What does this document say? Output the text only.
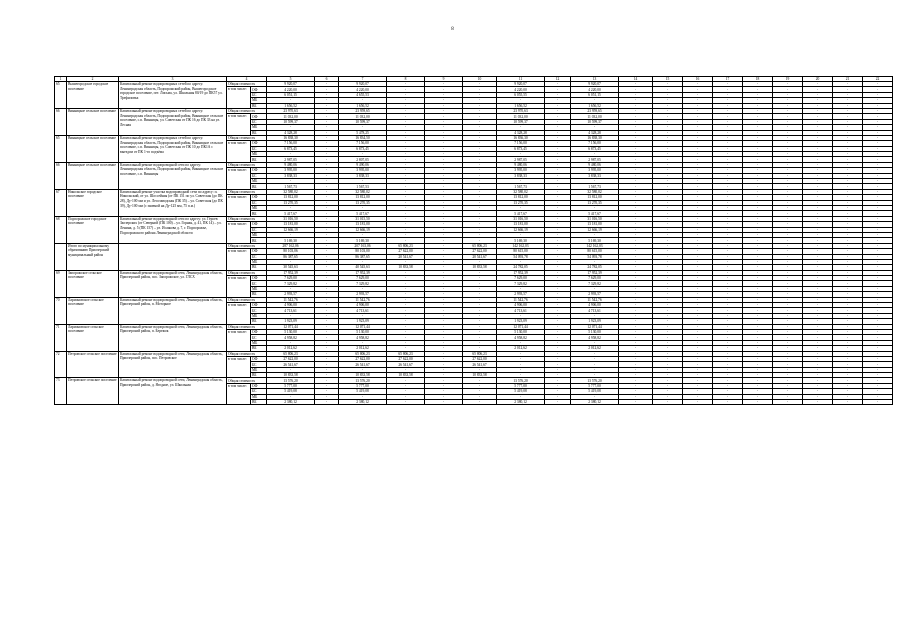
8
1	2	3	4		5	6	7	8	9	10	11	12	13	14	15	16	17	18	19	20	21	22
65	Вышегородское городское поселение	Капитальный ремонт водопроводных сетей по адресу: Ленинградская область, Подпорожский район, Вышегородское городское поселение, пгт. Лисьма, ул. Школьная 80/19 до ПК57 ул. Трефиловка	Общая стоимость		9 920,07	-	9 920,07	-	-	-	9 920,07	-	9 920,07	-	-	-	-	-	-	-	-	-
			в том числе:	ОФ	4 220,00	-	4 220,00	-	-	-	4 220,00	-	4 220,00	-	-	-	-	-	-	-	-	-
				БС	6 051,15	-	4 655,53	-	-	-	6 055,55	-	6 051,15	-	-	-	-	-	-	-	-	-
				МБ	-	-	-	-	-	-	-	-	-	-	-	-	-	-	-	-	-	-
				ВБ	1 656,52	-	1 656,52	-	-	-	1 656,52	-	1 656,52	-	-	-	-	-	-	-	-	-
66	Винницкое сельское поселение	Капитальный ремонт водопроводных сетей по адресу: Ленинградская область, Подпорожский район, Винницкое сельское поселение, с.п. Винницы, ул. Советская от ПК 16 до ПК 33 на ул. Лесная	Общая стоимость		23 970,63	-	23 959,65	-	-	-	23 970,63	-	23 959,65	-	-	-	-	-	-	-	-	-
			в том числе:	ОФ	11 032,00	-	11 032,00	-	-	-	11 032,00	-	11 032,00	-	-	-	-	-	-	-	-	-
				БС	10 599,37	-	10 599,37	-	-	-	10 599,37	-	10 599,37	-	-	-	-	-	-	-	-	-
				МБ	-	-	-	-	-	-	-	-	-	-	-	-	-	-	-	-	-	-
				ВБ	4 328,28	-	5 478,25	-	-	-	4 328,28	-	4 328,28	-	-	-	-	-	-	-	-	-
65	Винницкое сельское поселение	Капитальный ремонт водопроводных сетей по адресу: Ленинградская область, Подпорожский район, Винницкое сельское поселение, с.п. Винницы, ул. Советская от ПК 10 до ПК1А с выездом от ПК 1-го подъёма	Общая стоимость		16 838,30	-	16 834,50	-	-	-	16 836,30	-	16 838,30	-	-	-	-	-	-	-	-	-
			в том числе:	ОФ	7 156,00	-	7 156,00	-	-	-	7 156,00	-	7 156,00	-	-	-	-	-	-	-	-	-
				БС	6 873,45	-	6 873,45	-	-	-	6 873,45	-	6 873,45	-	-	-	-	-	-	-	-	-
				МБ	-	-	-	-	-	-	-	-	-	-	-	-	-	-	-	-	-	-
				ВБ	2 987,05	-	2 807,05	-	-	-	2 987,05	-	2 987,05	-	-	-	-	-	-	-	-	-
66	Винницкое сельское поселение	Капитальный ремонт водопроводной сети по адресу: Ленинградская область, Подпорожский район, Винницкое сельское поселение, с.п. Винницы	Общая стоимость		9 480,06	-	9 490,06	-	-	-	9 480,06	-	9 480,06	-	-	-	-	-	-	-	-	-
			в том числе:	ОФ	3 995,00	-	3 995,00	-	-	-	3 995,00	-	3 995,00	-	-	-	-	-	-	-	-	-
				БС	3 838,33	-	3 838,33	-	-	-	3 838,33	-	3 838,33	-	-	-	-	-	-	-	-	-
				МБ	-	-	-	-	-	-	-	-	-	-	-	-	-	-	-	-	-	-
				ВБ	1 567,73	-	1 567,53	-	-	-	1 567,73	-	1 567,73	-	-	-	-	-	-	-	-	-
67	Никольское городское поселение	Капитальный ремонт участка водопроводной сети по адресу: п. Никольский, от ул. Шоссейная (от ПК 151 по ул. Советская (до ПК 28), Ду-100 мм и ул. Лесозаводская (ПК 35) – ул. Советская (до ПК 39), Ду-100 мм (с заменой на Ду-125 мм, 75 п.м.)	Общая стоимость		32 580,02	-	32 580,02	-	-	-	32 580,02	-	32 580,02	-	-	-	-	-	-	-	-	-
			в том числе:	ОФ	13 812,00	-	13 812,00	-	-	-	13 812,00	-	13 812,00	-	-	-	-	-	-	-	-	-
				БС	13 270,35	-	13 270,35	-	-	-	13 270,35	-	13 270,35	-	-	-	-	-	-	-	-	-
				МБ	-	-	-	-	-	-	-	-	-	-	-	-	-	-	-	-	-	-
				ВБ	5 417,67	-	5 417,67	-	-	-	5 417,67	-	5 417,67	-	-	-	-	-	-	-	-	-
68	Подпорожское городское поселение	Капитальный ремонт водопроводной сети по адресу: ул. Героев Заозерских (от Северной (ПК 100) – ул. Горная, д. 41, ПК 14) – ул. Ленина, д. 5 (ПК 157) – ул. Исаакова д. 7, г. Подпорожье, Подпорожского района Ленинградской области	Общая стоимость		31 016,50	-	31 015,50	-	-	-	31 016,50	-	31 016,50	-	-	-	-	-	-	-	-	-
			в том числе:	ОФ	13 181,00	-	13 181,00	-	-	-	13 181,00	-	13 181,00	-	-	-	-	-	-	-	-	-
				БС	12 666,19	-	12 666,19	-	-	-	12 666,19	-	12 666,19	-	-	-	-	-	-	-	-	-
				МБ	-	-	-	-	-	-	-	-	-	-	-	-	-	-	-	-	-	-
				ВБ	5 169,30	-	5 169,30	-	-	-	5 169,30	-	5 169,30	-	-	-	-	-	-	-	-	-
	Итого по муниципальному образованию Приозерский муниципальный район		Общая стоимость		287 162,06	-	207 163,06	65 806,23	-	65 806,23	142 162,03	-	142 162,03	-	-	-	-	-	-	-	-	-
			в том числе:	ОФ	80 103,06	-	80 103,00	27 622,00	-	27 622,00	80 615,00	-	80 615,00	-	-	-	-	-	-	-	-	-
				БС	86 387,65	-	86 387,65	20 541,67	-	20 541,67	54 093,78	-	54 093,78	-	-	-	-	-	-	-	-	-
				МБ	-	-	-	-	-	-	-	-	-	-	-	-	-	-	-	-	-	-
				ВБ	30 545,63	-	40 545,63	10 833,58	-	10 833,58	24 782,05	-	24 782,05	-	-	-	-	-	-	-	-	-
69	Запорожское сельское поселение	Капитальный ремонт водопроводной сети, Ленинградская область, Приозерский район, пос. Запорожское, ул. ГЛСХ	Общая стоимость		17 952,39	-	17 952,39	-	-	-	17 952,39	-	17 952,39	-	-	-	-	-	-	-	-	-
			в том числе:	ОФ	7 629,00	-	7 629,00	-	-	-	7 629,00	-	7 629,00	-	-	-	-	-	-	-	-	-
				БС	7 329,82	-	7 329,82	-	-	-	7 329,82	-	7 329,82	-	-	-	-	-	-	-	-	-
				МБ	-	-	-	-	-	-	-	-	-	-	-	-	-	-	-	-	-	-
				ВБ	2 993,57	-	2 993,57	-	-	-	2 993,57	-	2 993,57	-	-	-	-	-	-	-	-	-
70	Ларионовское сельское поселение	Капитальный ремонт водопроводной сети, Ленинградская область, Приозерский район, п. Моторное	Общая стоимость		11 542,76	-	11 542,76	-	-	-	11 542,76	-	11 542,76	-	-	-	-	-	-	-	-	-
			в том числе:	ОФ	4 906,00	-	4 906,00	-	-	-	4 906,00	-	4 906,00	-	-	-	-	-	-	-	-	-
				БС	4 713,61	-	4 713,61	-	-	-	4 713,61	-	4 713,61	-	-	-	-	-	-	-	-	-
				МБ	-	-	-	-	-	-	-	-	-	-	-	-	-	-	-	-	-	-
				ВБ	1 923,09	-	1 923,09	-	-	-	1 923,09	-	1 923,09	-	-	-	-	-	-	-	-	-
71	Ларионовское сельское поселение	Капитальный ремонт водопроводной сети, Ленинградская область, Приозерский район, п. Бережок	Общая стоимость		12 071,44	-	12 071,44	-	-	-	12 071,44	-	12 071,44	-	-	-	-	-	-	-	-	-
			в том числе:	ОФ	5 130,00	-	5 130,00	-	-	-	5 130,00	-	5 130,00	-	-	-	-	-	-	-	-	-
				БС	4 958,82	-	4 958,82	-	-	-	4 958,82	-	4 958,82	-	-	-	-	-	-	-	-	-
				МБ	-	-	-	-	-	-	-	-	-	-	-	-	-	-	-	-	-	-
				ВБ	2 012,62	-	2 012,62	-	-	-	2 012,62	-	2 012,62	-	-	-	-	-	-	-	-	-
72	Петровское сельское поселение	Капитальный ремонт водопроводной сети, Ленинградская область, Приозерский район, пос. Петровское	Общая стоимость		65 806,23	-	65 806,23	65 806,23	-	65 806,23	-	-	-	-	-	-	-	-	-	-	-	-
			в том числе:	ОФ	27 622,00	-	27 622,00	27 622,00	-	27 622,00	-	-	-	-	-	-	-	-	-	-	-	-
				БС	26 541,67	-	26 541,67	26 541,67	-	26 541,67	-	-	-	-	-	-	-	-	-	-	-	-
				МБ	-	-	-	-	-	-	-	-	-	-	-	-	-	-	-	-	-	-
				ВБ	10 833,58	-	10 833,58	10 833,58	-	10 833,58	-	-	-	-	-	-	-	-	-	-	-	-
73	Петровское сельское поселение	Капитальный ремонт водопроводной сети, Ленинградская область, Приозерский район, д. Ягодное, ул. Школьная	Общая стоимость		13 576,20	-	13 576,20	-	-	-	13 576,20	-	13 576,20	-	-	-	-	-	-	-	-	-
			в том числе:	ОФ	5 777,00	-	5 777,00	-	-	-	5 777,00	-	5 777,00	-	-	-	-	-	-	-	-	-
				БС	5 419,08	-	5 419,08	-	-	-	5 419,08	-	5 419,08	-	-	-	-	-	-	-	-	-
				МБ	-	-	-	-	-	-	-	-	-	-	-	-	-	-	-	-	-	-
				ВБ	2 380,12	-	2 380,12	-	-	-	2 380,12	-	2 380,12	-	-	-	-	-	-	-	-	-
